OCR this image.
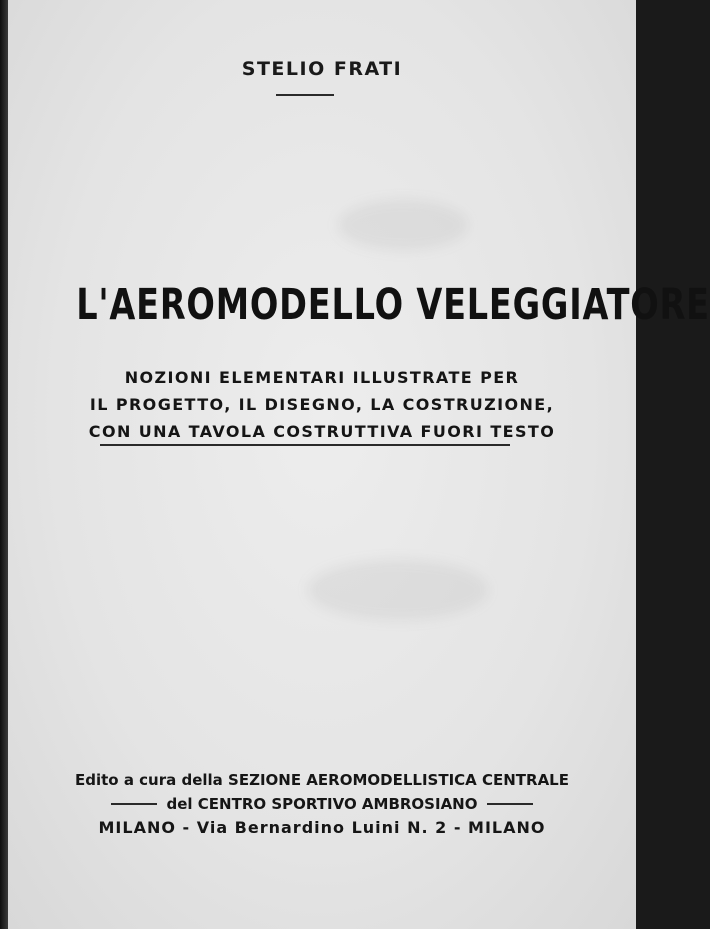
STELIO FRATI
L'AEROMODELLO VELEGGIATORE
NOZIONI ELEMENTARI ILLUSTRATE PER
IL PROGETTO, IL DISEGNO, LA COSTRUZIONE,
CON UNA TAVOLA COSTRUTTIVA FUORI TESTO
Edito a cura della SEZIONE AEROMODELLISTICA CENTRALE
del CENTRO SPORTIVO AMBROSIANO
MILANO - Via Bernardino Luini N. 2 - MILANO
